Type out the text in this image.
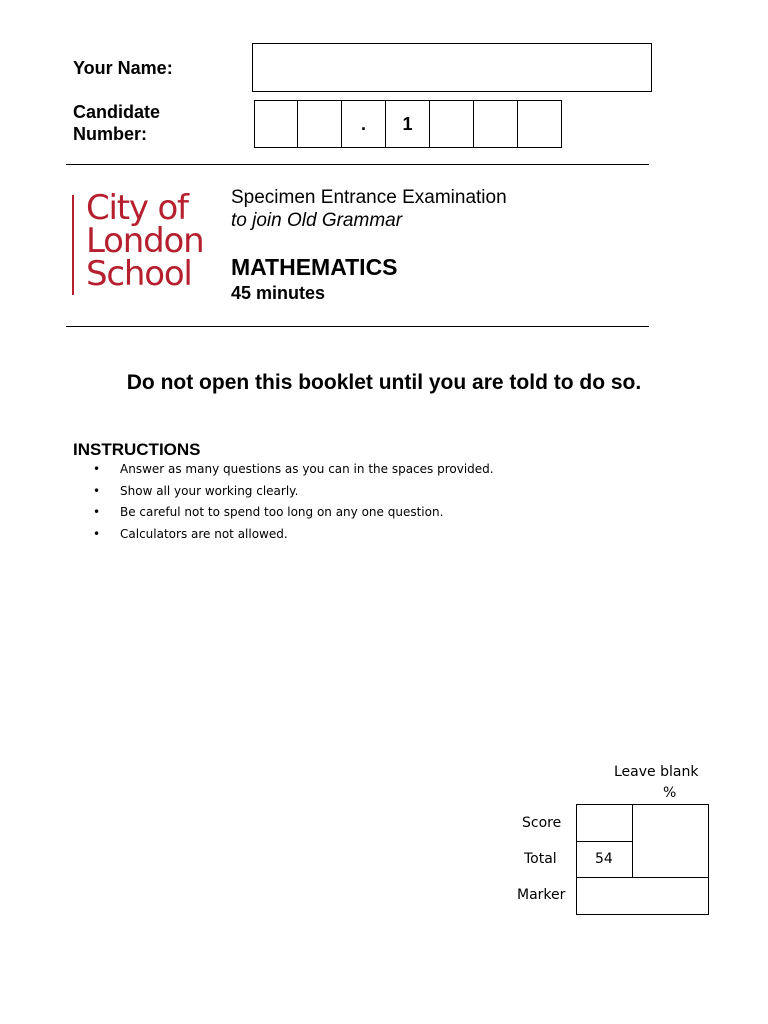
Your Name:
Candidate
Number:	.	1
City of
London
School
Specimen Entrance Examination
to join Old Grammar
MATHEMATICS
45 minutes
Do not open this booklet until you are told to do so.
INSTRUCTIONS
• Answer as many questions as you can in the spaces provided.
• Show all your working clearly.
• Be careful not to spend too long on any one question.
• Calculators are not allowed.
Leave blank
%
Score
Total
Marker
54
